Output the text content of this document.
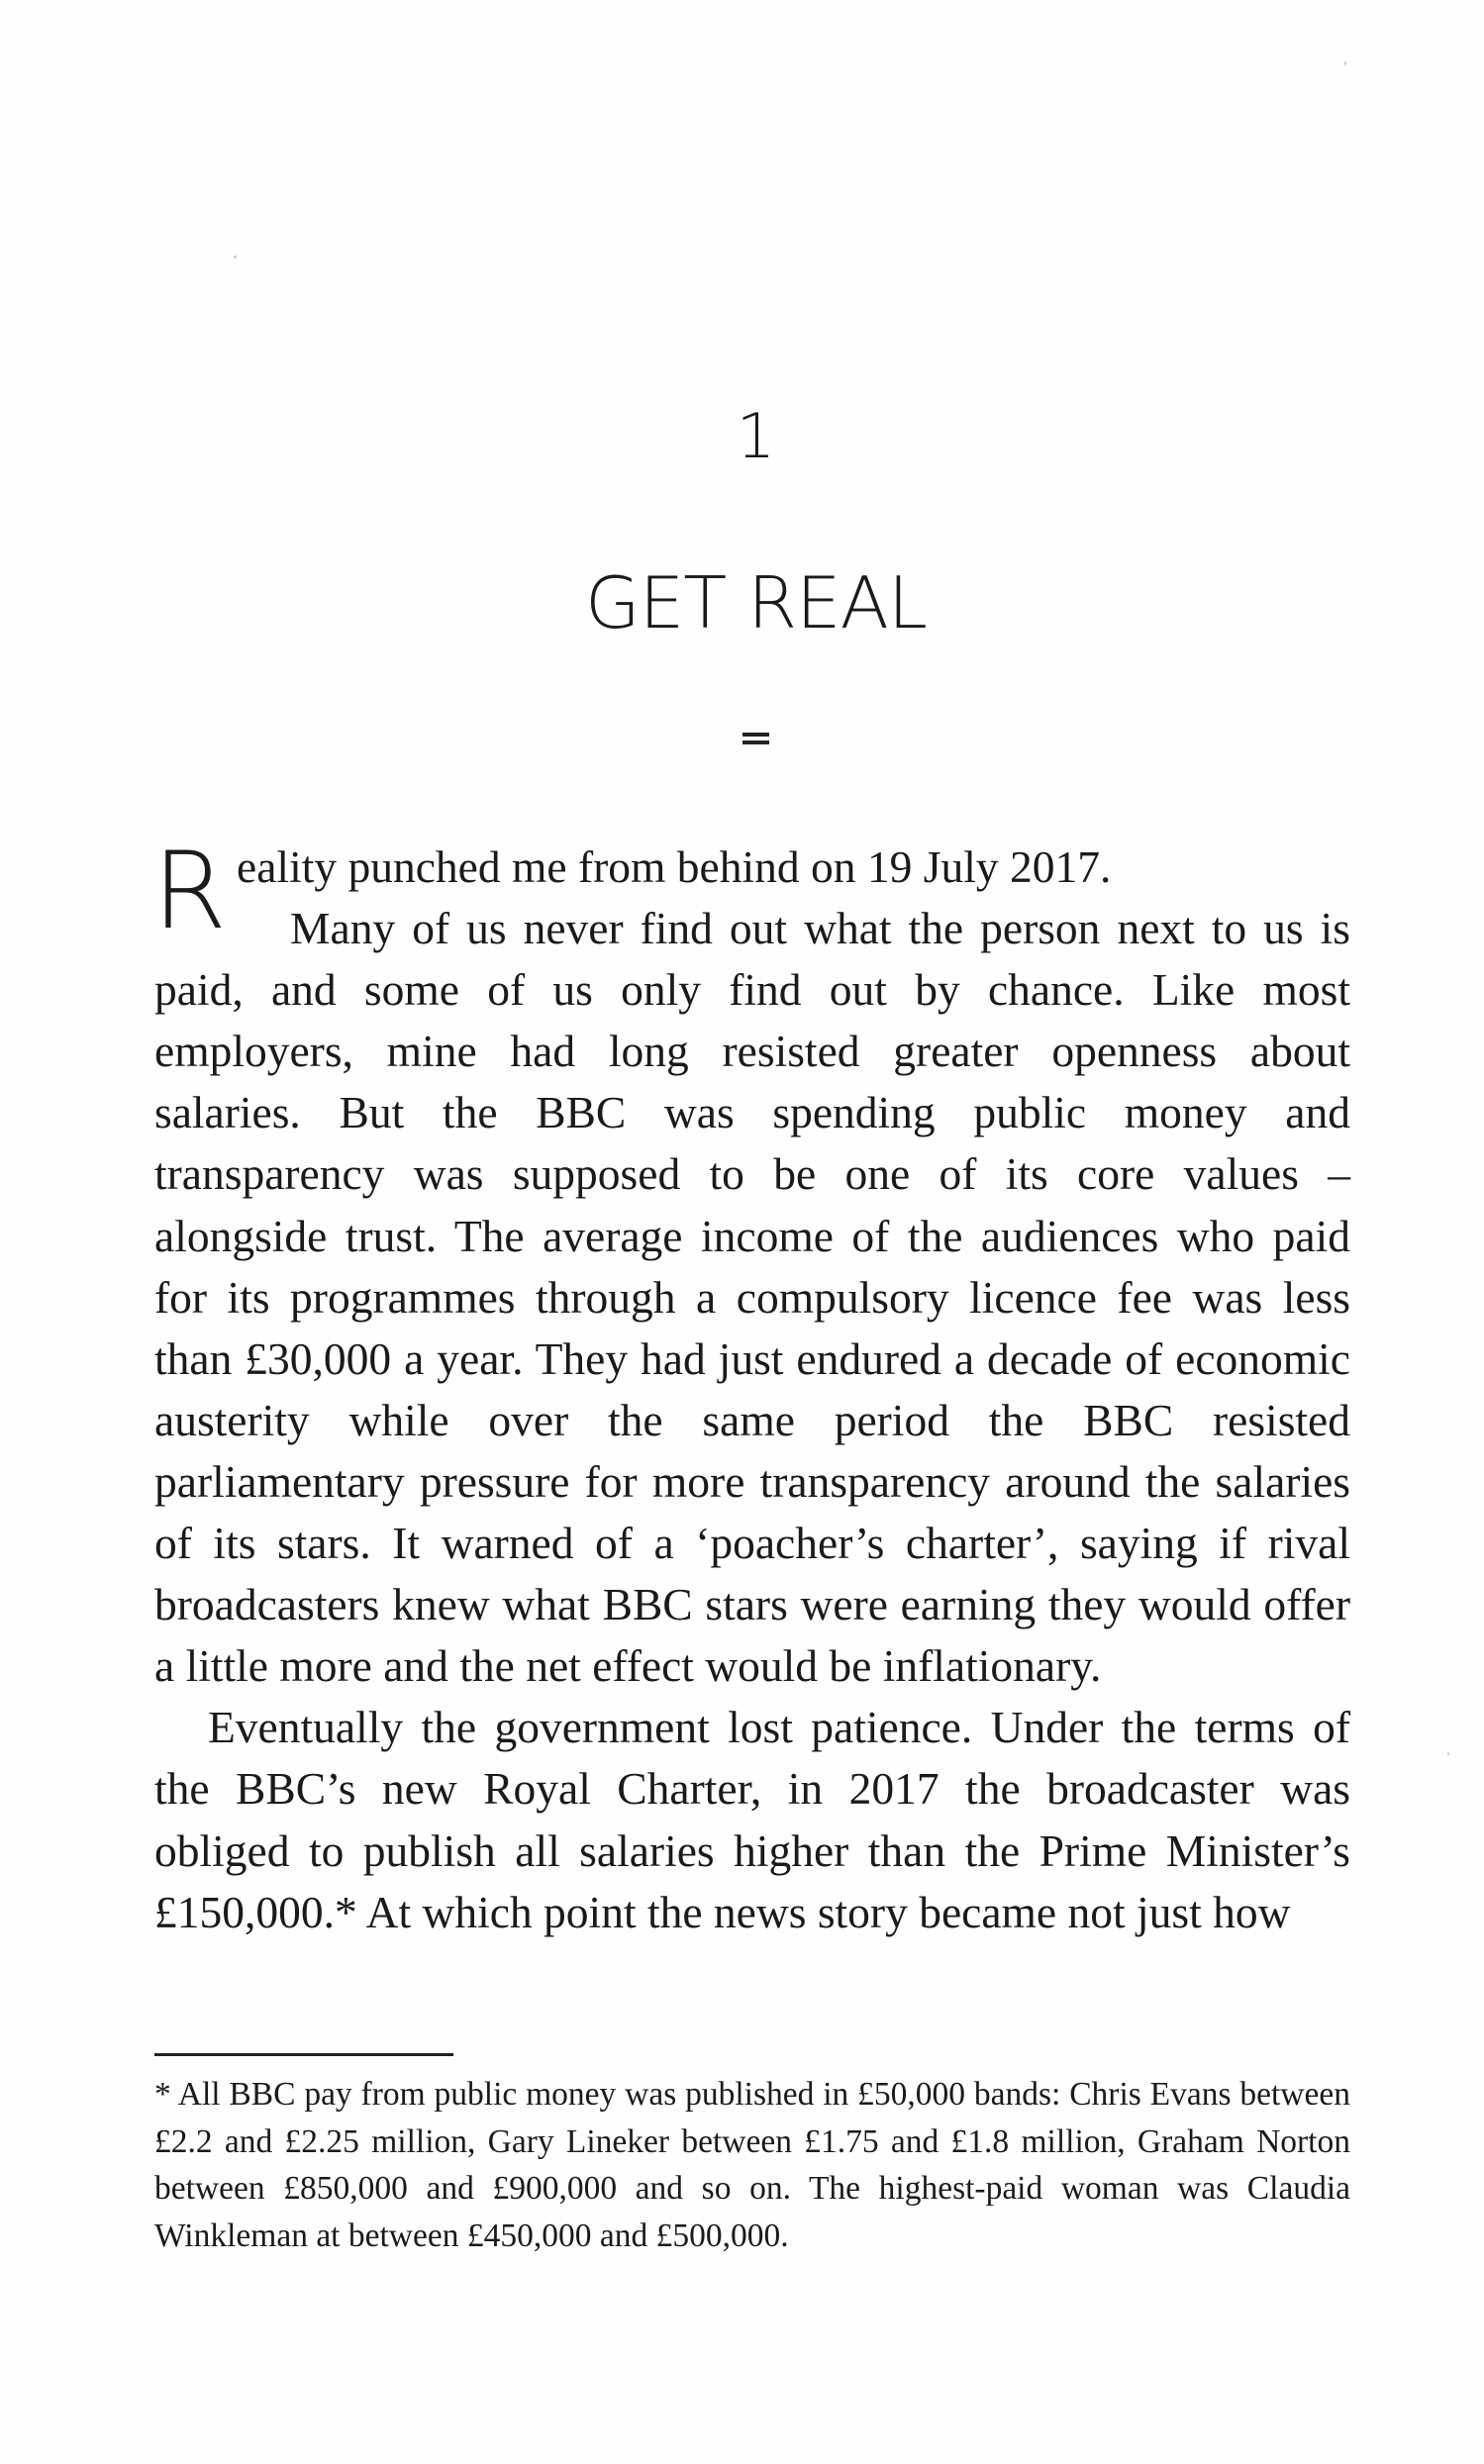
1
GET REAL

Reality punched me from behind on 19 July 2017.

Many of us never find out what the person next to us is paid, and some of us only find out by chance. Like most employers, mine had long resisted greater openness about salaries. But the BBC was spending public money and transparency was supposed to be one of its core values – alongside trust. The average income of the audiences who paid for its programmes through a compulsory licence fee was less than £30,000 a year. They had just endured a decade of economic austerity while over the same period the BBC resisted parliamentary pressure for more transparency around the salaries of its stars. It warned of a ‘poacher’s charter’, saying if rival broadcasters knew what BBC stars were earning they would offer a little more and the net effect would be inflationary.

Eventually the government lost patience. Under the terms of the BBC’s new Royal Charter, in 2017 the broadcaster was obliged to publish all salaries higher than the Prime Minister’s £150,000.* At which point the news story became not just how

* All BBC pay from public money was published in £50,000 bands: Chris Evans between £2.2 and £2.25 million, Gary Lineker between £1.75 and £1.8 million, Graham Norton between £850,000 and £900,000 and so on. The highest-paid woman was Claudia Winkleman at between £450,000 and £500,000.
